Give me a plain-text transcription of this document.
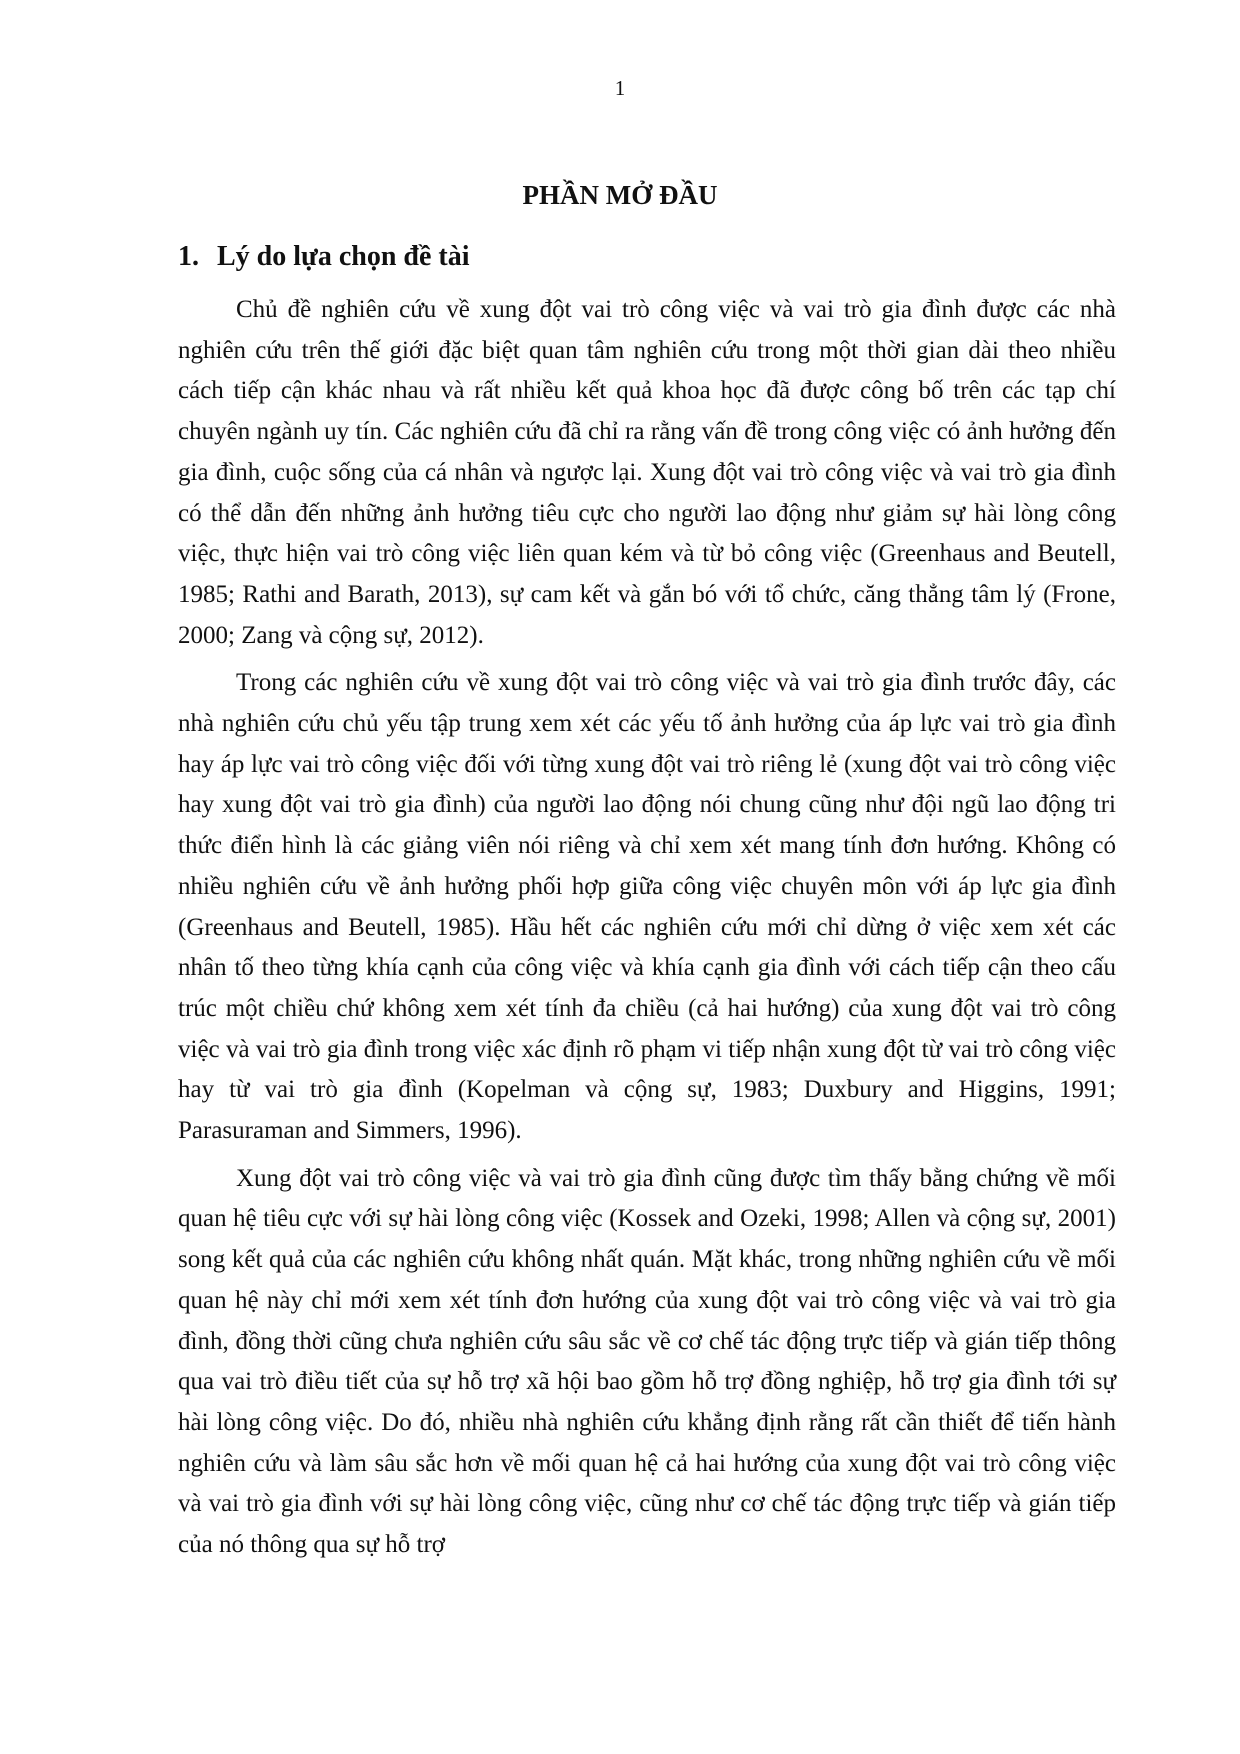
1
PHẦN MỞ ĐẦU
1. Lý do lựa chọn đề tài

Chủ đề nghiên cứu về xung đột vai trò công việc và vai trò gia đình được các nhà nghiên cứu trên thế giới đặc biệt quan tâm nghiên cứu trong một thời gian dài theo nhiều cách tiếp cận khác nhau và rất nhiều kết quả khoa học đã được công bố trên các tạp chí chuyên ngành uy tín. Các nghiên cứu đã chỉ ra rằng vấn đề trong công việc có ảnh hưởng đến gia đình, cuộc sống của cá nhân và ngược lại. Xung đột vai trò công việc và vai trò gia đình có thể dẫn đến những ảnh hưởng tiêu cực cho người lao động như giảm sự hài lòng công việc, thực hiện vai trò công việc liên quan kém và từ bỏ công việc (Greenhaus and Beutell, 1985; Rathi and Barath, 2013), sự cam kết và gắn bó với tổ chức, căng thẳng tâm lý (Frone, 2000; Zang và cộng sự, 2012).

Trong các nghiên cứu về xung đột vai trò công việc và vai trò gia đình trước đây, các nhà nghiên cứu chủ yếu tập trung xem xét các yếu tố ảnh hưởng của áp lực vai trò gia đình hay áp lực vai trò công việc đối với từng xung đột vai trò riêng lẻ (xung đột vai trò công việc hay xung đột vai trò gia đình) của người lao động nói chung cũng như đội ngũ lao động tri thức điển hình là các giảng viên nói riêng và chỉ xem xét mang tính đơn hướng. Không có nhiều nghiên cứu về ảnh hưởng phối hợp giữa công việc chuyên môn với áp lực gia đình (Greenhaus and Beutell, 1985). Hầu hết các nghiên cứu mới chỉ dừng ở việc xem xét các nhân tố theo từng khía cạnh của công việc và khía cạnh gia đình với cách tiếp cận theo cấu trúc một chiều chứ không xem xét tính đa chiều (cả hai hướng) của xung đột vai trò công việc và vai trò gia đình trong việc xác định rõ phạm vi tiếp nhận xung đột từ vai trò công việc hay từ vai trò gia đình (Kopelman và cộng sự, 1983; Duxbury and Higgins, 1991; Parasuraman and Simmers, 1996).

Xung đột vai trò công việc và vai trò gia đình cũng được tìm thấy bằng chứng về mối quan hệ tiêu cực với sự hài lòng công việc (Kossek and Ozeki, 1998; Allen và cộng sự, 2001) song kết quả của các nghiên cứu không nhất quán. Mặt khác, trong những nghiên cứu về mối quan hệ này chỉ mới xem xét tính đơn hướng của xung đột vai trò công việc và vai trò gia đình, đồng thời cũng chưa nghiên cứu sâu sắc về cơ chế tác động trực tiếp và gián tiếp thông qua vai trò điều tiết của sự hỗ trợ xã hội bao gồm hỗ trợ đồng nghiệp, hỗ trợ gia đình tới sự hài lòng công việc. Do đó, nhiều nhà nghiên cứu khẳng định rằng rất cần thiết để tiến hành nghiên cứu và làm sâu sắc hơn về mối quan hệ cả hai hướng của xung đột vai trò công việc và vai trò gia đình với sự hài lòng công việc, cũng như cơ chế tác động trực tiếp và gián tiếp của nó thông qua sự hỗ trợ
